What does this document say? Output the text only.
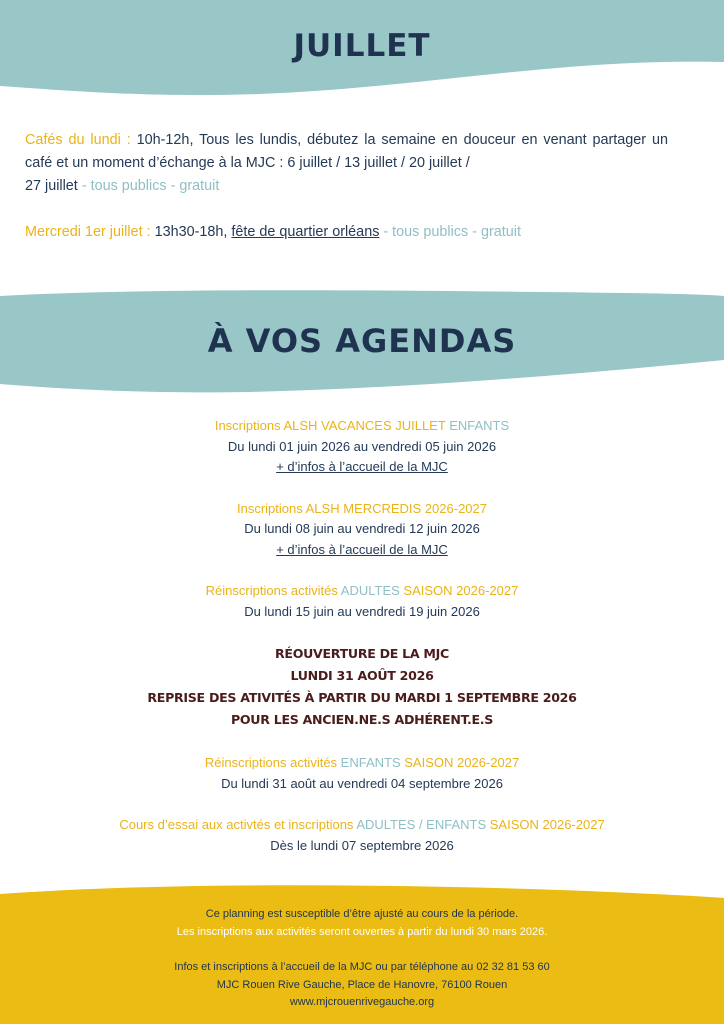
JUILLET

Cafés du lundi : 10h-12h, Tous les lundis, débutez la semaine en douceur en venant partager un café et un moment d’échange à la MJC : 6 juillet / 13 juillet / 20 juillet /

27 juillet - tous publics - gratuit

Mercredi 1er juillet : 13h30-18h, fête de quartier orléans - tous publics - gratuit

À VOS AGENDAS
Inscriptions ALSH VACANCES JUILLET ENFANTS
Du lundi 01 juin 2026 au vendredi 05 juin 2026
+ d’infos à l’accueil de la MJC
Inscriptions ALSH MERCREDIS 2026-2027
Du lundi 08 juin au vendredi 12 juin 2026
+ d’infos à l’accueil de la MJC
Réinscriptions activités ADULTES SAISON 2026-2027
Du lundi 15 juin au vendredi 19 juin 2026
RÉOUVERTURE DE LA MJC
LUNDI 31 AOÛT 2026
REPRISE DES ATIVITÉS À PARTIR DU MARDI 1 SEPTEMBRE 2026
POUR LES ANCIEN.NE.S ADHÉRENT.E.S
Réinscriptions activités ENFANTS SAISON 2026-2027
Du lundi 31 août au vendredi 04 septembre 2026
Cours d’essai aux activtés et inscriptions ADULTES / ENFANTS SAISON 2026-2027
Dès le lundi 07 septembre 2026
Ce planning est susceptible d’être ajusté au cours de la période.
Les inscriptions aux activités seront ouvertes à partir du lundi 30 mars 2026.
Infos et inscriptions à l’accueil de la MJC ou par téléphone au 02 32 81 53 60
MJC Rouen Rive Gauche, Place de Hanovre, 76100 Rouen
www.mjcrouenrivegauche.org
